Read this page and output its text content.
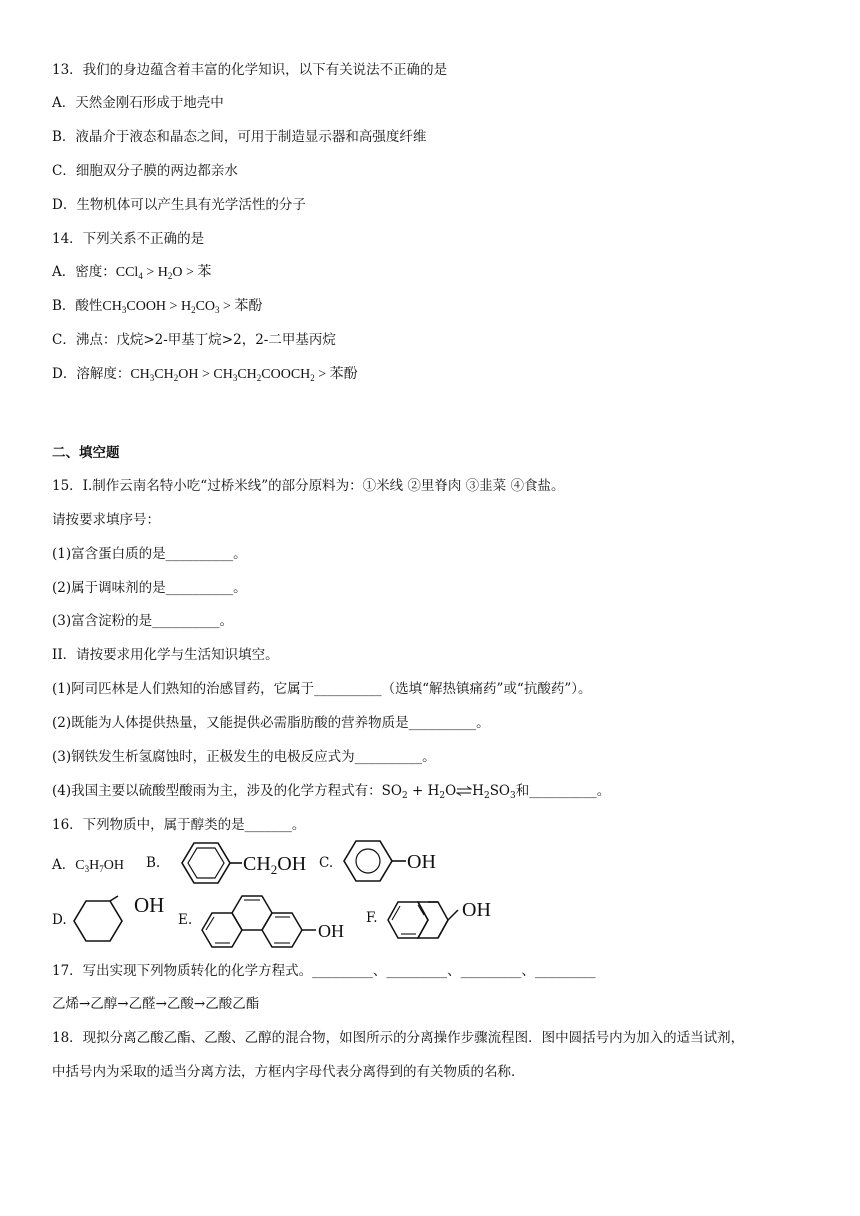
13．我们的身边蕴含着丰富的化学知识，以下有关说法不正确的是
A．天然金刚石形成于地壳中
B．液晶介于液态和晶态之间，可用于制造显示器和高强度纤维
C．细胞双分子膜的两边都亲水
D．生物机体可以产生具有光学活性的分子
14．下列关系不正确的是
A．密度：$CCl_4 > H_2O$ > 苯
B．酸性$CH_3COOH > H_2CO_3$ > 苯酚
C．沸点：戊烷>2-甲基丁烷>2，2-二甲基丙烷
D．溶解度：$CH_3CH_2OH$ > $CH_3CH_2COOCH_2$ > 苯酚
二、填空题
15．I.制作云南名特小吃“过桥米线”的部分原料为：①米线 ②里脊肉 ③韭菜 ④食盐。
请按要求填序号：
(1)富含蛋白质的是__________。
(2)属于调味剂的是__________。
(3)富含淀粉的是__________。
II．请按要求用化学与生活知识填空。
(1)阿司匹林是人们熟知的治感冒药，它属于__________（选填“解热镇痛药”或“抗酸药”）。
(2)既能为人体提供热量，又能提供必需脂肪酸的营养物质是__________。
(3)钢铁发生析氢腐蚀时，正极发生的电极反应式为__________。
(4)我国主要以硫酸型酸雨为主，涉及的化学方程式有：$SO_2$ + $H_2O\rightleftharpoons H_2SO_3$和__________。
16．下列物质中，属于醇类的是_______。
A．$C_3H_7OH$ B.	$CH_2OH$ C.	OH
D.
OH
E.
OH
F.	OH
17．写出实现下列物质转化的化学方程式。_________、_________、_________、_________
乙烯→乙醇→乙醛→乙酸→乙酸乙酯
18．现拟分离乙酸乙酯、乙酸、乙醇的混合物，如图所示的分离操作步骤流程图．图中圆括号内为加入的适当试剂，
中括号内为采取的适当分离方法，方框内字母代表分离得到的有关物质的名称．
